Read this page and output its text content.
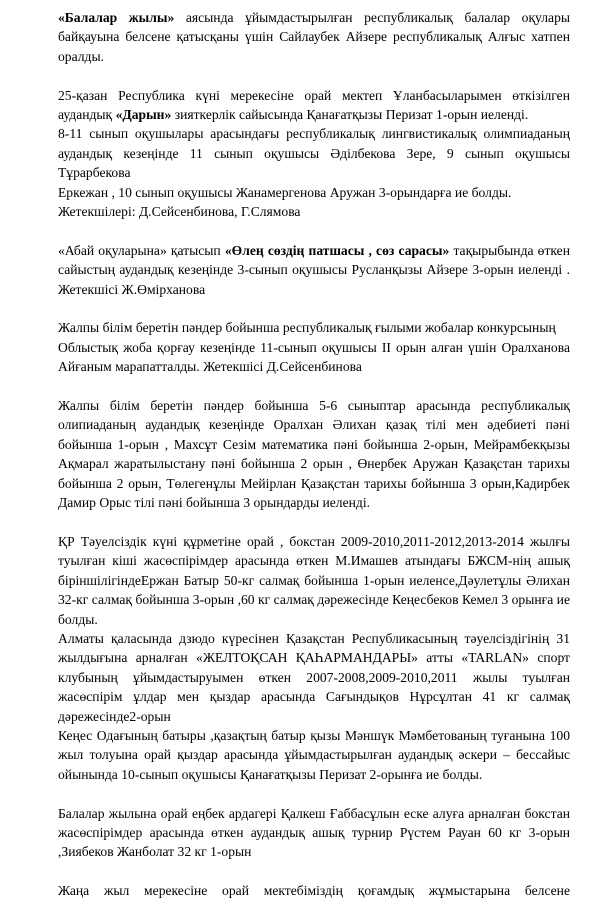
«Балалар жылы» аясында ұйымдастырылған республикалық балалар оқулары байқауына белсене қатысқаны үшін Сайлаубек Айзере республикалық Алғыс хатпен оралды.

25-қазан Республика күні мерекесіне орай мектеп Ұланбасыларымен өткізілген аудандық «Дарын» зияткерлік сайысында Қанағатқызы Перизат 1-орын иеленді.

8-11 сынып оқушылары арасындағы республикалық лингвистикалық олимпиаданың аудандық кезеңінде 11 сынып оқушысы Әділбекова Зере, 9 сынып оқушысы Тұрарбекова

Еркежан , 10 сынып оқушысы Жанамергенова Аружан 3-орындарға ие болды.

Жетекшілері: Д.Сейсенбинова, Г.Слямова

«Абай оқуларына» қатысып «Өлең сөздің патшасы , сөз сарасы» тақырыбында өткен сайыстың аудандық кезеңінде 3-сынып оқушысы Русланқызы Айзере 3-орын иеленді . Жетекшісі Ж.Өмірханова

Жалпы білім беретін пәндер бойынша республикалық ғылыми жобалар конкурсының

Облыстық жоба қорғау кезеңінде 11-сынып оқушысы ІІ орын алған үшін Оралханова Айғаным марапатталды. Жетекшісі Д.Сейсенбинова

Жалпы білім беретін пәндер бойынша 5-6 сыныптар арасында республикалық олипиаданың аудандық кезеңінде Оралхан Әлихан қазақ тілі мен әдебиеті пәні бойынша 1-орын , Махсұт Сезім математика пәні бойынша 2-орын, Мейрамбекқызы Ақмарал жаратылыстану пәні бойынша 2 орын , Өнербек Аружан Қазақстан тарихы бойынша 2 орын, Төлегенұлы Мейірлан Қазақстан тарихы бойынша 3 орын,Кадирбек Дамир Орыс тілі пәні бойынша 3 орындарды иеленді.

ҚР Тәуелсіздік күні құрметіне орай , бокстан 2009-2010,2011-2012,2013-2014 жылғы туылған кіші жасөспірімдер арасында өткен М.Имашев атындағы БЖСМ-нің ашық біріншілігіндеЕржан Батыр 50-кг салмақ бойынша 1-орын иеленсе,Дәулетұлы Әлихан 32-кг салмақ бойынша 3-орын ,60 кг салмақ дәрежесінде Кеңесбеков Кемел 3 орынға ие болды.

Алматы қаласында дзюдо күресінен Қазақстан Республикасының тәуелсіздігінің 31 жылдығына арналған «ЖЕЛТОҚСАН ҚАҺАРМАНДАРЫ» атты «TARLAN» спорт клубының ұйымдастыруымен өткен 2007-2008,2009-2010,2011 жылы туылған жасөспірім ұлдар мен қыздар арасында Сағындықов Нұрсұлтан 41 кг салмақ дәрежесінде2-орын

Кеңес Одағының батыры ,қазақтың батыр қызы Мәншүк Мәмбетованың туғанына 100 жыл толуына орай қыздар арасында ұйымдастырылған аудандық әскери – бессайыс ойынында 10-сынып оқушысы Қанағатқызы Перизат 2-орынға ие болды.

Балалар жылына орай еңбек ардагері Қалкеш Ғаббасұлын еске алуға арналған бокстан жасөспірімдер арасында өткен аудандық ашық турнир Рүстем Рауан 60 кг 3-орын ,Зиябеков Жанболат 32 кг 1-орын

Жаңа жыл мерекесіне орай мектебіміздің қоғамдық жұмыстарына белсене
